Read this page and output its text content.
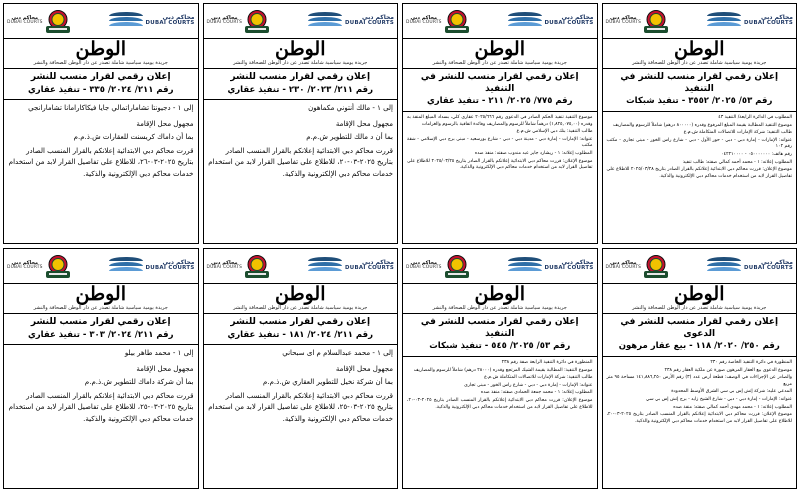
محاكم دبي
DUBAI COURTS
محاكم دبي
DUBAI COURTS
الوطن
جريدة يومية سياسية شاملة تصدر عن دار الوطن للصحافة والنشر
إعلان رقمي لقرار منسب للنشر في التنفيذ
رقم ٥٣/ ٢٠٢٥/ ٣٥٥٢ - تنفيذ شبكات

المطلوب في الدائرة الرابعة/ التنفيذ ٤٣

موضوع التنفيذ المطالبة بقيمة المبلغ المرفوع وقدره (٨٠٠٠٠٠ درهم) شاملاً للرسوم والمصاريف

طالب التنفيذ: شركة الإمارات للاتصالات المتكاملة ش.م.ع

عنوانه: الإمارات - إمارة دبي - دبي - حور الأول - دبي - شارع راس الخور - مبنى تجاري - مكتب رقم ١٠٢

رقم هاتف: ٠٥٠٠٠٠٠٠٠ - ٠٤٢٢١٠٠٠٠

المطلوب إعلانه: ١ - محمد أحمد كمالي صفته: طالب تنفيذ

موضوع الإعلان: قررت محاكم دبي الابتدائية إعلانكم بالقرار الصادر بتاريخ ٢٠٢٥/٠٣/٢٨ للاطلاع على تفاصيل القرار لابد من استخدام خدمات محاكم دبي الإلكترونية والذكية.

محاكم دبي
DUBAI COURTS
محاكم دبي
DUBAI COURTS
الوطن
جريدة يومية سياسية شاملة تصدر عن دار الوطن للصحافة والنشر
إعلان رقمي لقرار منسب للنشر في التنفيذ
رقم ٧٧٥/ ٢٠٢٥/ ٢١١ - تنفيذ عقاري

موضوع التنفيذ تنفيذ الحكم الصادر في الدعوى رقم ٢٠٢٥/٦٦٦ عقاري كلي، بسداد المبلغ المنفذ به وقدره (١,٨٢٥,٠٧٥,٠٠) درهماً شاملاً للرسوم والمصاريف وفائدة اتفاقية بالرسوم والغرامات

طالب التنفيذ: بنك دبي الإسلامي ش.م.ع

عنوانه: الإمارات - إمارة دبي - مدينة دبي - دبي - شارع بورسعيد - مبنى برج دبي الإسلامي - شقة مكتب

المطلوب إعلانه: ١ - ريشارد جاير عبد مندوب صفته: منفذ ضده

موضوع الإعلان: قررت محاكم دبي الابتدائية إعلانكم بالقرار الصادر بتاريخ ٢٠٢٥/٠٣/٢٥ للاطلاع على تفاصيل القرار لابد من استخدام خدمات محاكم دبي الإلكترونية والذكية.

محاكم دبي
DUBAI COURTS
محاكم دبي
DUBAI COURTS
الوطن
جريدة يومية سياسية شاملة تصدر عن دار الوطن للصحافة والنشر
إعلان رقمي لقرار منسب للنشر
رقم ٢١١/ ٢٠٢٣/ ٢٣٠ - تنفيذ عقاري

إلى ١ - مالك أنتوني مكماهون

مجهول محل الإقامة

بما أن د مالك للتطوير ش.م.م

قررت محاكم دبي الابتدائية إعلانكم بالقرار المنسب الصادر بتاريخ ٢٠٢٥-٠٣-٢٠، للاطلاع على تفاصيل القرار لابد من استخدام خدمات محاكم دبي الإلكترونية والذكية.

محاكم دبي
DUBAI COURTS
محاكم دبي
DUBAI COURTS
الوطن
جريدة يومية سياسية شاملة تصدر عن دار الوطن للصحافة والنشر
إعلان رقمي لقرار منسب للنشر
رقم ٢١١/ ٢٠٢٤/ ٣٣٥ - تنفيذ عقاري

إلى ١ - دجيونتا تشاماراتمالي جايا فيكاكارامانا تشامارانجي

مجهول محل الإقامة

بما أن داماك كريسنت للعقارات ش.ذ.م.م

قررت محاكم دبي الابتدائية إعلانكم بالقرار المنسب الصادر بتاريخ ٢٠٢٥-٠٣-٢٦، للاطلاع على تفاصيل القرار لابد من استخدام خدمات محاكم دبي الإلكترونية والذكية.

محاكم دبي
DUBAI COURTS
محاكم دبي
DUBAI COURTS
الوطن
جريدة يومية سياسية شاملة تصدر عن دار الوطن للصحافة والنشر
إعلان رقمي لقرار منسب للنشر في الدعوى
رقم ٢٥٠/ ٢٠٢٠/ ١١٨ - بيع عقار مرهون

المنظورة في دائرة التنفيذ الخاصة رقم ٢٣٠

موضوع الدعوى بيع العقار المرهون صورة عن ملكية العقار رقم ٢٣٨

والصادر عن الإجراءات في الوصف: قطعة أرض عدد (٣) رقم الأرض ١٤١,٨٨٦,٢٥٠ مساحة ٩٥ متر مربع

المدعي عليه: شركة إتش إس بي سي الشرق الأوسط المحدودة

عنوانه: الإمارات - إمارة دبي - دبي - شارع الشيخ زايد - برج إتش إس بي سي

المطلوب إعلانه: ١ - محمد مهدي أحمد كمالي صفته: منفذ ضده

موضوع الإعلان: قررت محاكم دبي الابتدائية إعلانكم بالقرار المنسب الصادر بتاريخ ٢٠٢٥-٠٣-٢٠، للاطلاع على تفاصيل القرار لابد من استخدام خدمات محاكم دبي الإلكترونية والذكية.

محاكم دبي
DUBAI COURTS
محاكم دبي
DUBAI COURTS
الوطن
جريدة يومية سياسية شاملة تصدر عن دار الوطن للصحافة والنشر
إعلان رقمي لقرار منسب للنشر في التنفيذ
رقم ٥٣/ ٢٠٢٥/ ٥٤٥ - تنفيذ شبكات

المنظورة في دائرة التنفيذ الرابعة صفة رقم ٢٣٨

موضوع التنفيذ: المطالبة بقيمة الشيك المرتجع وقدره (٢٨٠٠٠ درهم) شاملاً للرسوم والمصاريف

طالب التنفيذ: شركة الإمارات للاتصالات المتكاملة ش.م.ع

عنوانه: الإمارات - إمارة دبي - دبي - شارع راس الخور - مبنى تجاري

المطلوب إعلانه: ١ - محمد جمعة الحمادي صفته: منفذ ضده

موضوع الإعلان: قررت محاكم دبي الابتدائية إعلانكم بالقرار المنسب الصادر بتاريخ ٢٠٢٥-٠٣-٢٠، للاطلاع على تفاصيل القرار لابد من استخدام خدمات محاكم دبي الإلكترونية والذكية.

محاكم دبي
DUBAI COURTS
محاكم دبي
DUBAI COURTS
الوطن
جريدة يومية سياسية شاملة تصدر عن دار الوطن للصحافة والنشر
إعلان رقمي لقرار منسب للنشر
رقم ٢١١/ ٢٠٢٤/ ١٨١ - تنفيذ عقاري

إلى ١ - محمد عبدالسلام م اى سبحاني

مجهول محل الإقامة

بما أن شركة نخيل للتطوير العقاري ش.ذ.م.م

قررت محاكم دبي الابتدائية إعلانكم بالقرار المنسب الصادر بتاريخ ٢٠٢٥-٠٣-٢٥، للاطلاع على تفاصيل القرار لابد من استخدام خدمات محاكم دبي الإلكترونية والذكية.

محاكم دبي
DUBAI COURTS
محاكم دبي
DUBAI COURTS
الوطن
جريدة يومية سياسية شاملة تصدر عن دار الوطن للصحافة والنشر
إعلان رقمي لقرار منسب للنشر
رقم ٢١١/ ٢٠٢٤/ ٣٠٣ - تنفيذ عقاري

إلى ١ - محمد طاهر بيلو

مجهول محل الإقامة

بما أن شركة داماك للتطوير ش.ذ.م.م

قررت محاكم دبي الابتدائية إعلانكم بالقرار المنسب الصادر بتاريخ ٢٠٢٥-٠٣-٢٥، للاطلاع على تفاصيل القرار لابد من استخدام خدمات محاكم دبي الإلكترونية والذكية.
